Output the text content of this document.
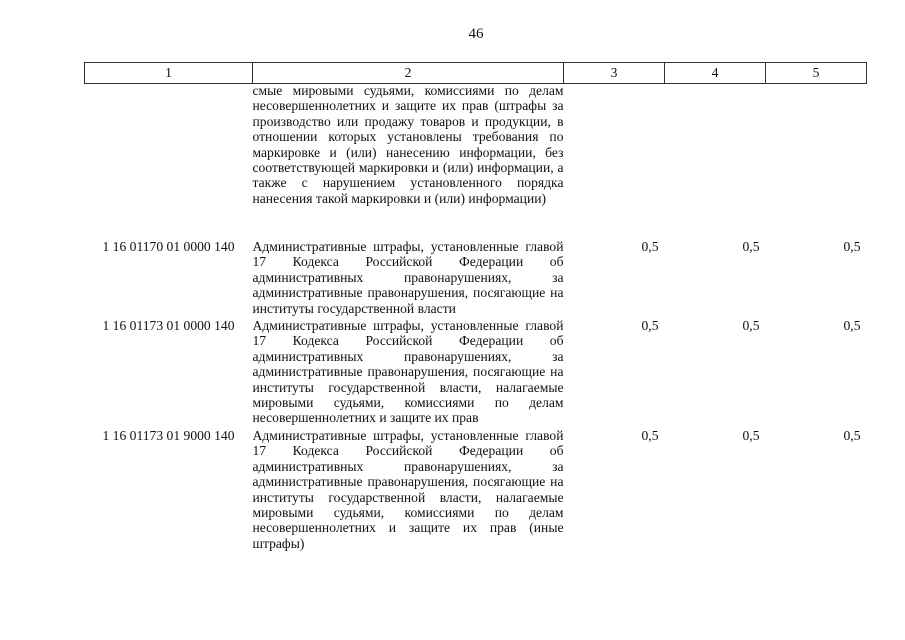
46
1	2	3	4	5

	смые мировыми судьями, комиссиями по делам несовершеннолетних и защите их прав (штрафы за производство или продажу товаров и продукции, в отношении которых установлены требования по маркировке и (или) нанесению информации, без соответствующей маркировки и (или) информации, а также с нарушением установленного порядка нанесения такой маркировки и (или) информации)			

1 16 01170 01 0000 140	Административные штрафы, установленные главой 17 Кодекса Российской Федерации об административных правонарушениях, за административные правонарушения, посягающие на институты государственной власти	0,5	0,5	0,5
1 16 01173 01 0000 140	Административные штрафы, установленные главой 17 Кодекса Российской Федерации об административных правонарушениях, за административные правонарушения, посягающие на институты государственной власти, налагаемые мировыми судьями, комиссиями по делам несовершеннолетних и защите их прав	0,5	0,5	0,5
1 16 01173 01 9000 140	Административные штрафы, установленные главой 17 Кодекса Российской Федерации об административных правонарушениях, за административные правонарушения, посягающие на институты государственной власти, налагаемые мировыми судьями, комиссиями по делам несовершеннолетних и защите их прав (иные штрафы)	0,5	0,5	0,5
